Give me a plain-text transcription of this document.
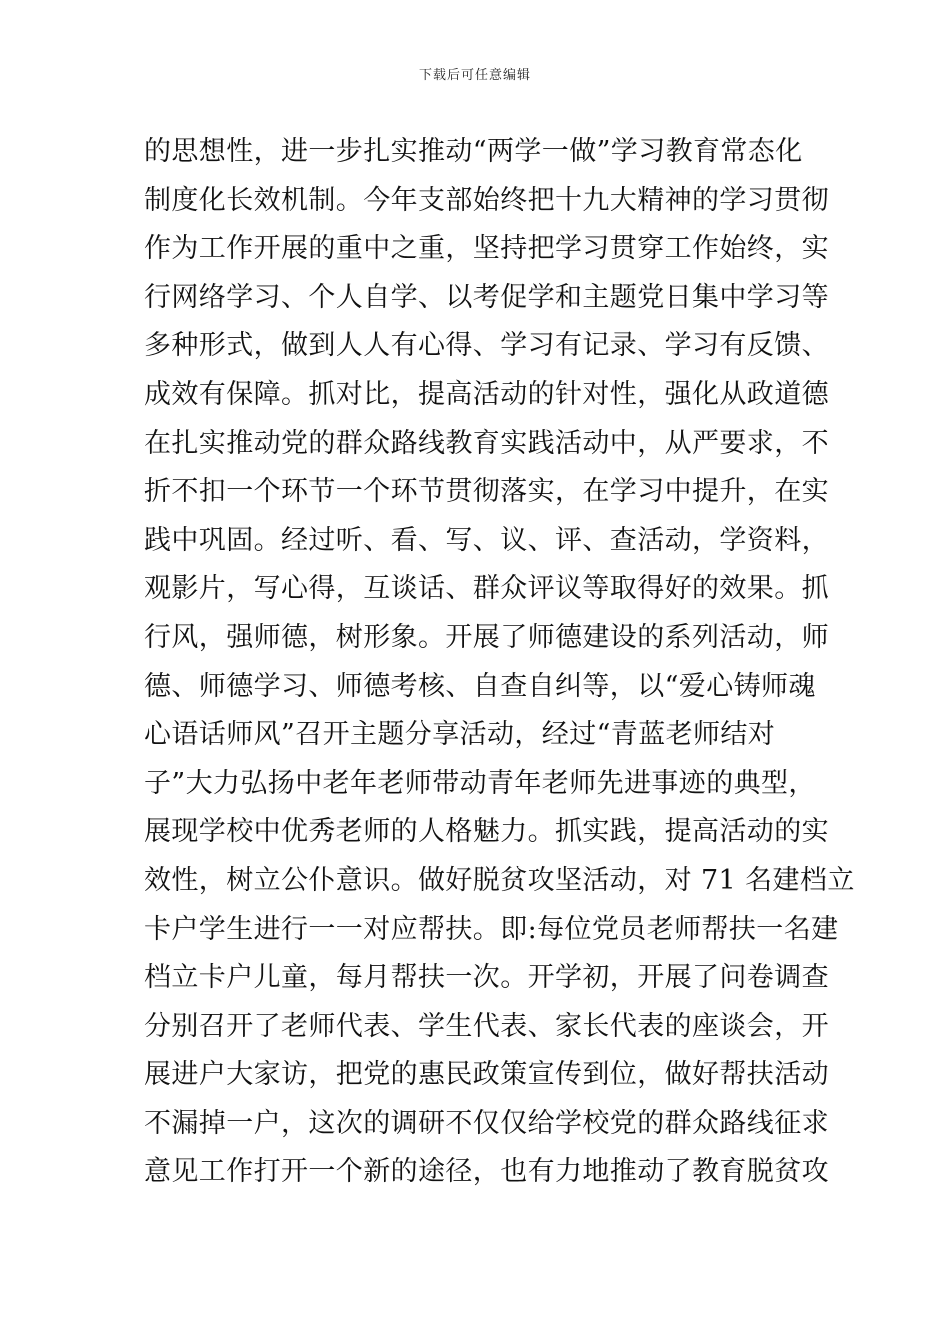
下载后可任意编辑
的思想性，进一步扎实推动“两学一做”学习教育常态化
制度化长效机制。今年支部始终把十九大精神的学习贯彻
作为工作开展的重中之重，坚持把学习贯穿工作始终，实
行网络学习、个人自学、以考促学和主题党日集中学习等
多种形式，做到人人有心得、学习有记录、学习有反馈、
成效有保障。抓对比，提高活动的针对性，强化从政道德
在扎实推动党的群众路线教育实践活动中，从严要求，不
折不扣一个环节一个环节贯彻落实，在学习中提升，在实
践中巩固。经过听、看、写、议、评、查活动，学资料，
观影片，写心得，互谈话、群众评议等取得好的效果。抓
行风，强师德，树形象。开展了师德建设的系列活动，师
德、师德学习、师德考核、自查自纠等，以“爱心铸师魂
心语话师风”召开主题分享活动，经过“青蓝老师结对
子”大力弘扬中老年老师带动青年老师先进事迹的典型，
展现学校中优秀老师的人格魅力。抓实践，提高活动的实
效性，树立公仆意识。做好脱贫攻坚活动，对 71 名建档立
卡户学生进行一一对应帮扶。即:每位党员老师帮扶一名建
档立卡户儿童，每月帮扶一次。开学初，开展了问卷调查
分别召开了老师代表、学生代表、家长代表的座谈会，开
展进户大家访，把党的惠民政策宣传到位，做好帮扶活动
不漏掉一户，这次的调研不仅仅给学校党的群众路线征求
意见工作打开一个新的途径，也有力地推动了教育脱贫攻
